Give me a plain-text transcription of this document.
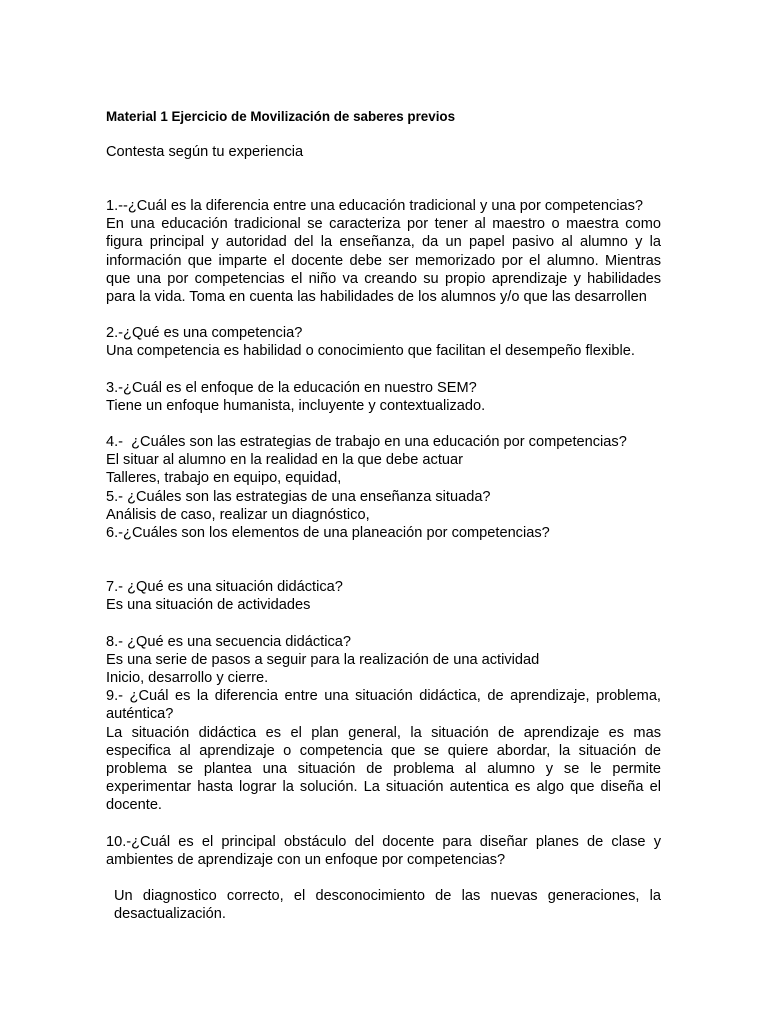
Material 1 Ejercicio de Movilización de saberes previos

Contesta según tu experiencia

1.--¿Cuál es la diferencia entre una educación tradicional y una por competencias?

En una educación tradicional se caracteriza por tener al maestro o maestra como figura principal y autoridad del la enseñanza, da un papel pasivo al alumno y la información que imparte el docente debe ser memorizado por el alumno. Mientras que una por competencias el niño va creando su propio aprendizaje y habilidades para la vida. Toma en cuenta las habilidades de los alumnos y/o que las desarrollen

2.-¿Qué es una competencia?

Una competencia es habilidad o conocimiento que facilitan el desempeño flexible.

3.-¿Cuál es el enfoque de la educación en nuestro SEM?

Tiene un enfoque humanista, incluyente y contextualizado.

4.-  ¿Cuáles son las estrategias de trabajo en una educación por competencias?

El situar al alumno en la realidad en la que debe actuar

Talleres, trabajo en equipo, equidad,

5.- ¿Cuáles son las estrategias de una enseñanza situada?

Análisis de caso, realizar un diagnóstico,

6.-¿Cuáles son los elementos de una planeación por competencias?

7.- ¿Qué es una situación didáctica?

Es una situación de actividades

8.- ¿Qué es una secuencia didáctica?

Es una serie de pasos a seguir para la realización de una actividad

Inicio, desarrollo y cierre.

9.- ¿Cuál es la diferencia entre una situación didáctica, de aprendizaje, problema, auténtica?

La situación didáctica es el plan general, la situación de aprendizaje es mas especifica al aprendizaje o competencia que se quiere abordar, la situación de problema se plantea una situación de problema al alumno y se le permite experimentar hasta lograr la solución. La situación autentica es algo que diseña el docente.

10.-¿Cuál es el principal obstáculo del docente para diseñar planes de clase y ambientes de aprendizaje con un enfoque por competencias?

Un diagnostico correcto, el desconocimiento de las nuevas generaciones, la desactualización.
